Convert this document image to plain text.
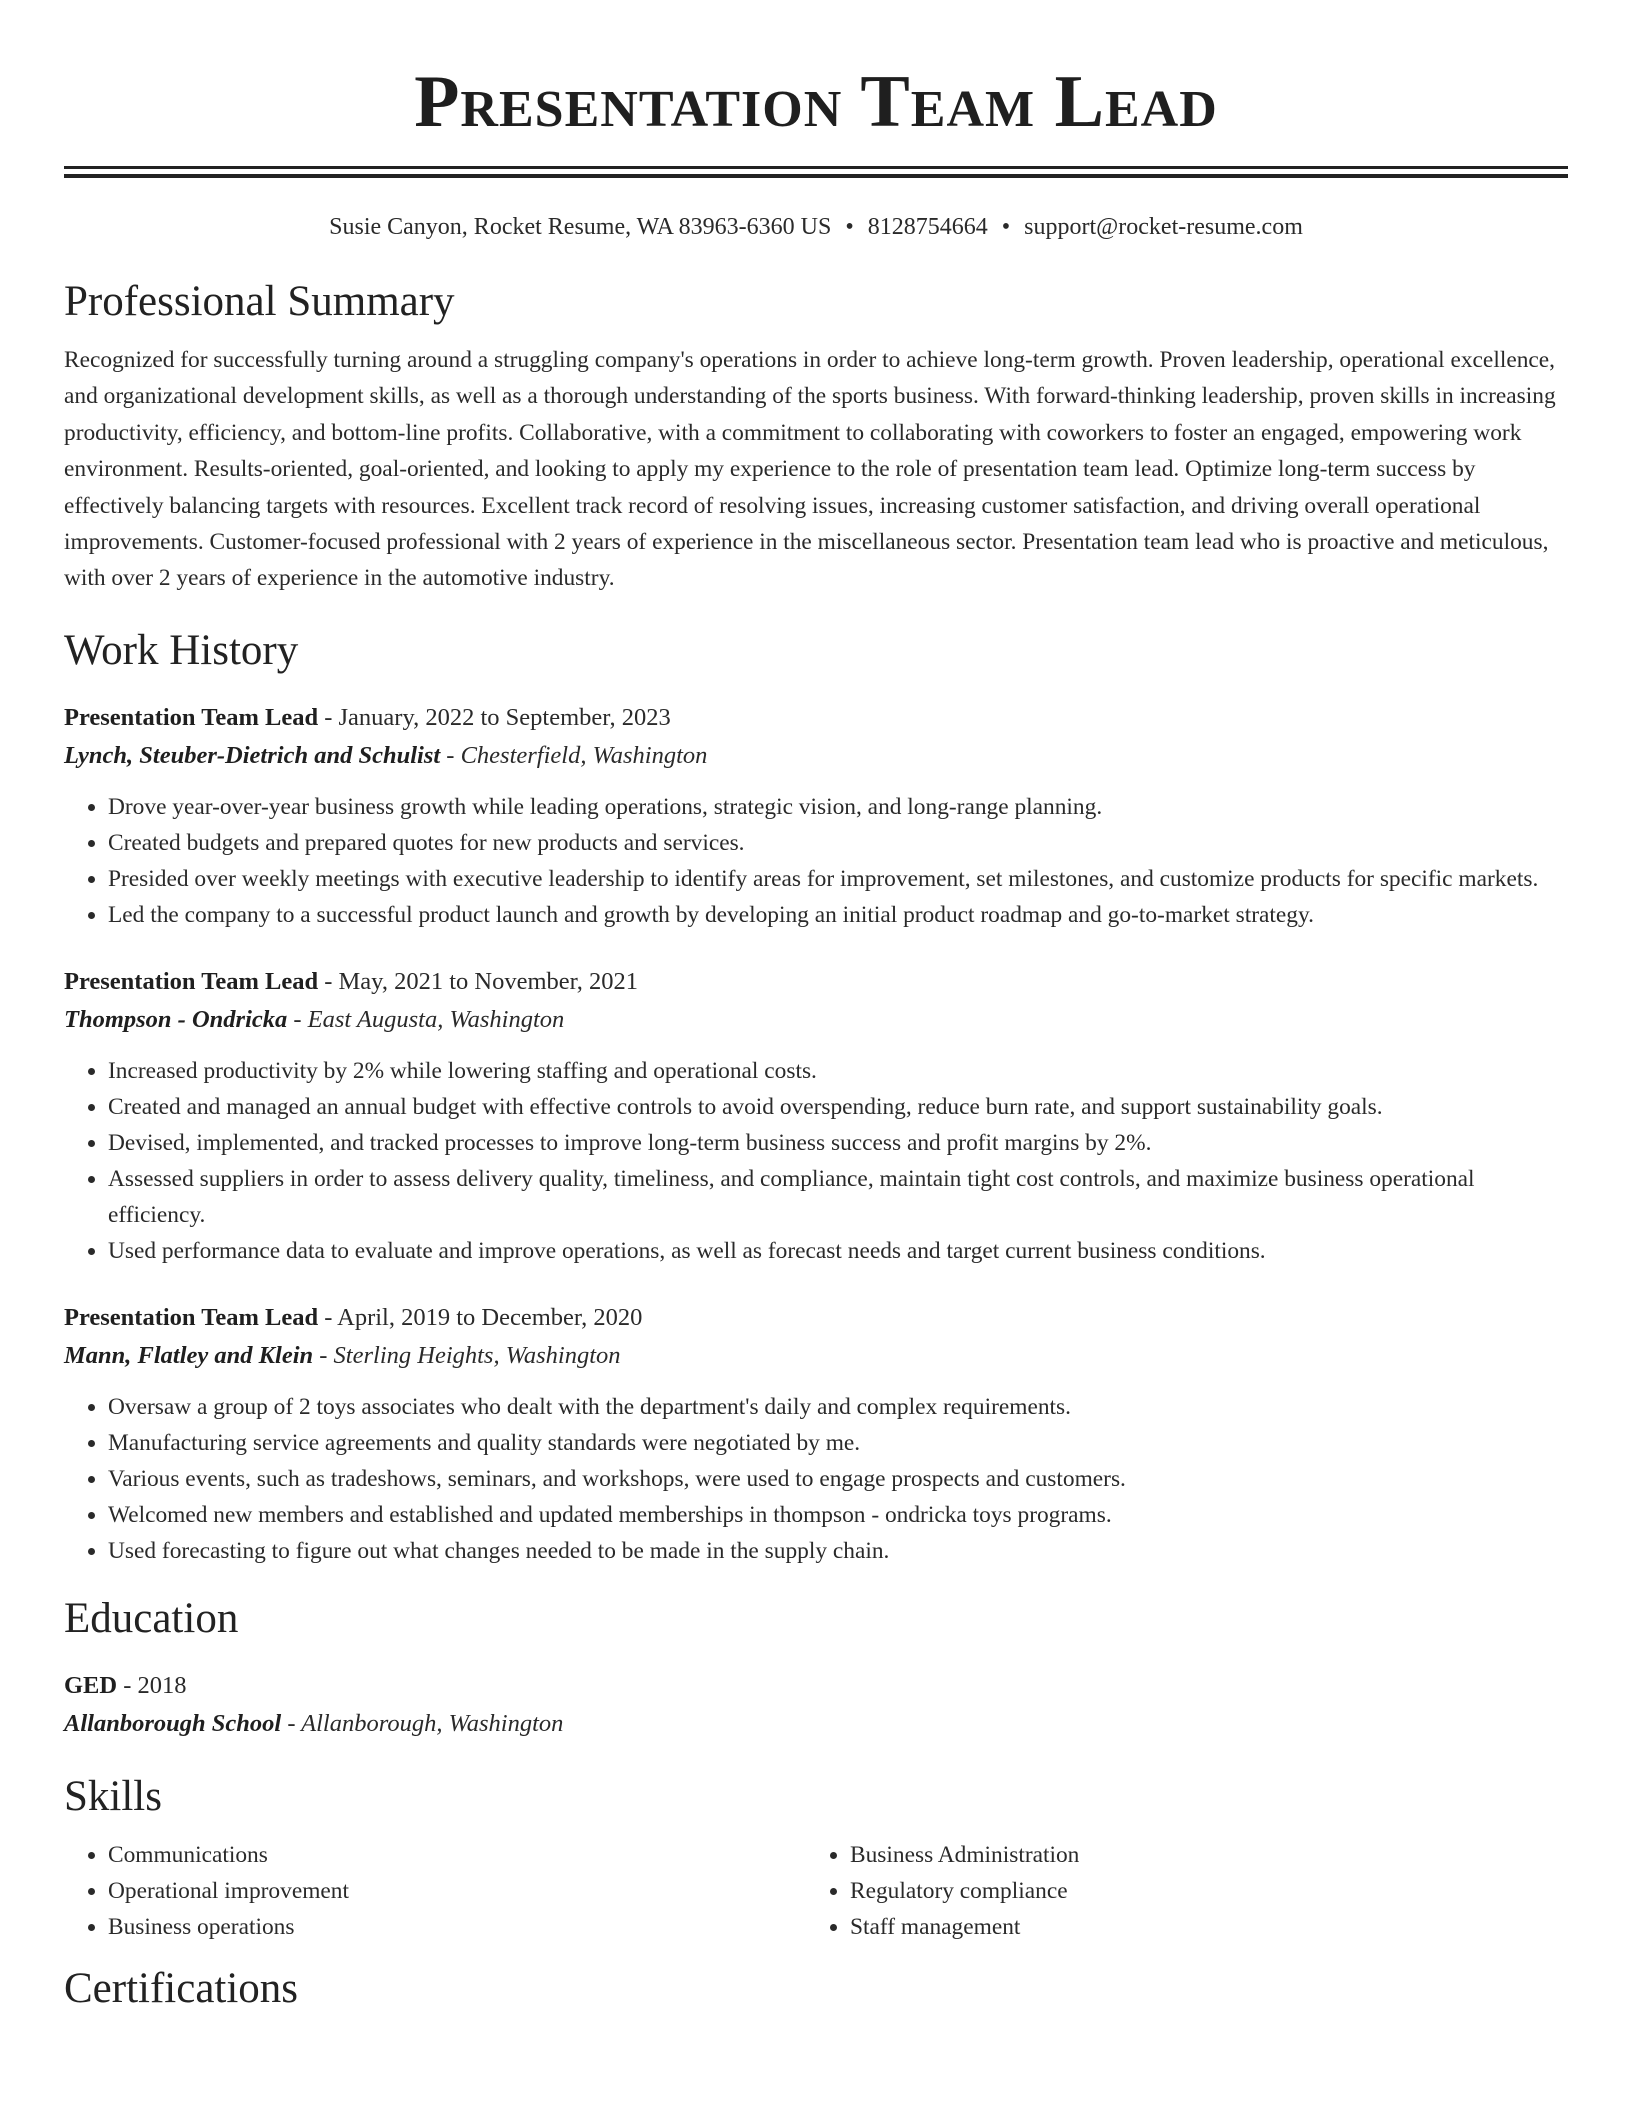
Presentation Team Lead
Susie Canyon, Rocket Resume, WA 83963-6360 US • 8128754664 • support@rocket-resume.com
Professional Summary

Recognized for successfully turning around a struggling company's operations in order to achieve long-term growth. Proven leadership, operational excellence, and organizational development skills, as well as a thorough understanding of the sports business. With forward-thinking leadership, proven skills in increasing productivity, efficiency, and bottom-line profits. Collaborative, with a commitment to collaborating with coworkers to foster an engaged, empowering work environment. Results-oriented, goal-oriented, and looking to apply my experience to the role of presentation team lead. Optimize long-term success by effectively balancing targets with resources. Excellent track record of resolving issues, increasing customer satisfaction, and driving overall operational improvements. Customer-focused professional with 2 years of experience in the miscellaneous sector. Presentation team lead who is proactive and meticulous, with over 2 years of experience in the automotive industry.

Work History
Presentation Team Lead - January, 2022 to September, 2023
Lynch, Steuber-Dietrich and Schulist - Chesterfield, Washington
• Drove year-over-year business growth while leading operations, strategic vision, and long-range planning.
• Created budgets and prepared quotes for new products and services.
• Presided over weekly meetings with executive leadership to identify areas for improvement, set milestones, and customize products for specific markets.
• Led the company to a successful product launch and growth by developing an initial product roadmap and go-to-market strategy.
Presentation Team Lead - May, 2021 to November, 2021
Thompson - Ondricka - East Augusta, Washington
• Increased productivity by 2% while lowering staffing and operational costs.
• Created and managed an annual budget with effective controls to avoid overspending, reduce burn rate, and support sustainability goals.
• Devised, implemented, and tracked processes to improve long-term business success and profit margins by 2%.
• Assessed suppliers in order to assess delivery quality, timeliness, and compliance, maintain tight cost controls, and maximize business operational efficiency.
• Used performance data to evaluate and improve operations, as well as forecast needs and target current business conditions.
Presentation Team Lead - April, 2019 to December, 2020
Mann, Flatley and Klein - Sterling Heights, Washington
• Oversaw a group of 2 toys associates who dealt with the department's daily and complex requirements.
• Manufacturing service agreements and quality standards were negotiated by me.
• Various events, such as tradeshows, seminars, and workshops, were used to engage prospects and customers.
• Welcomed new members and established and updated memberships in thompson - ondricka toys programs.
• Used forecasting to figure out what changes needed to be made in the supply chain.
Education
GED - 2018
Allanborough School - Allanborough, Washington
Skills
• Communications
• Operational improvement
• Business operations
• Business Administration
• Regulatory compliance
• Staff management
Certifications
